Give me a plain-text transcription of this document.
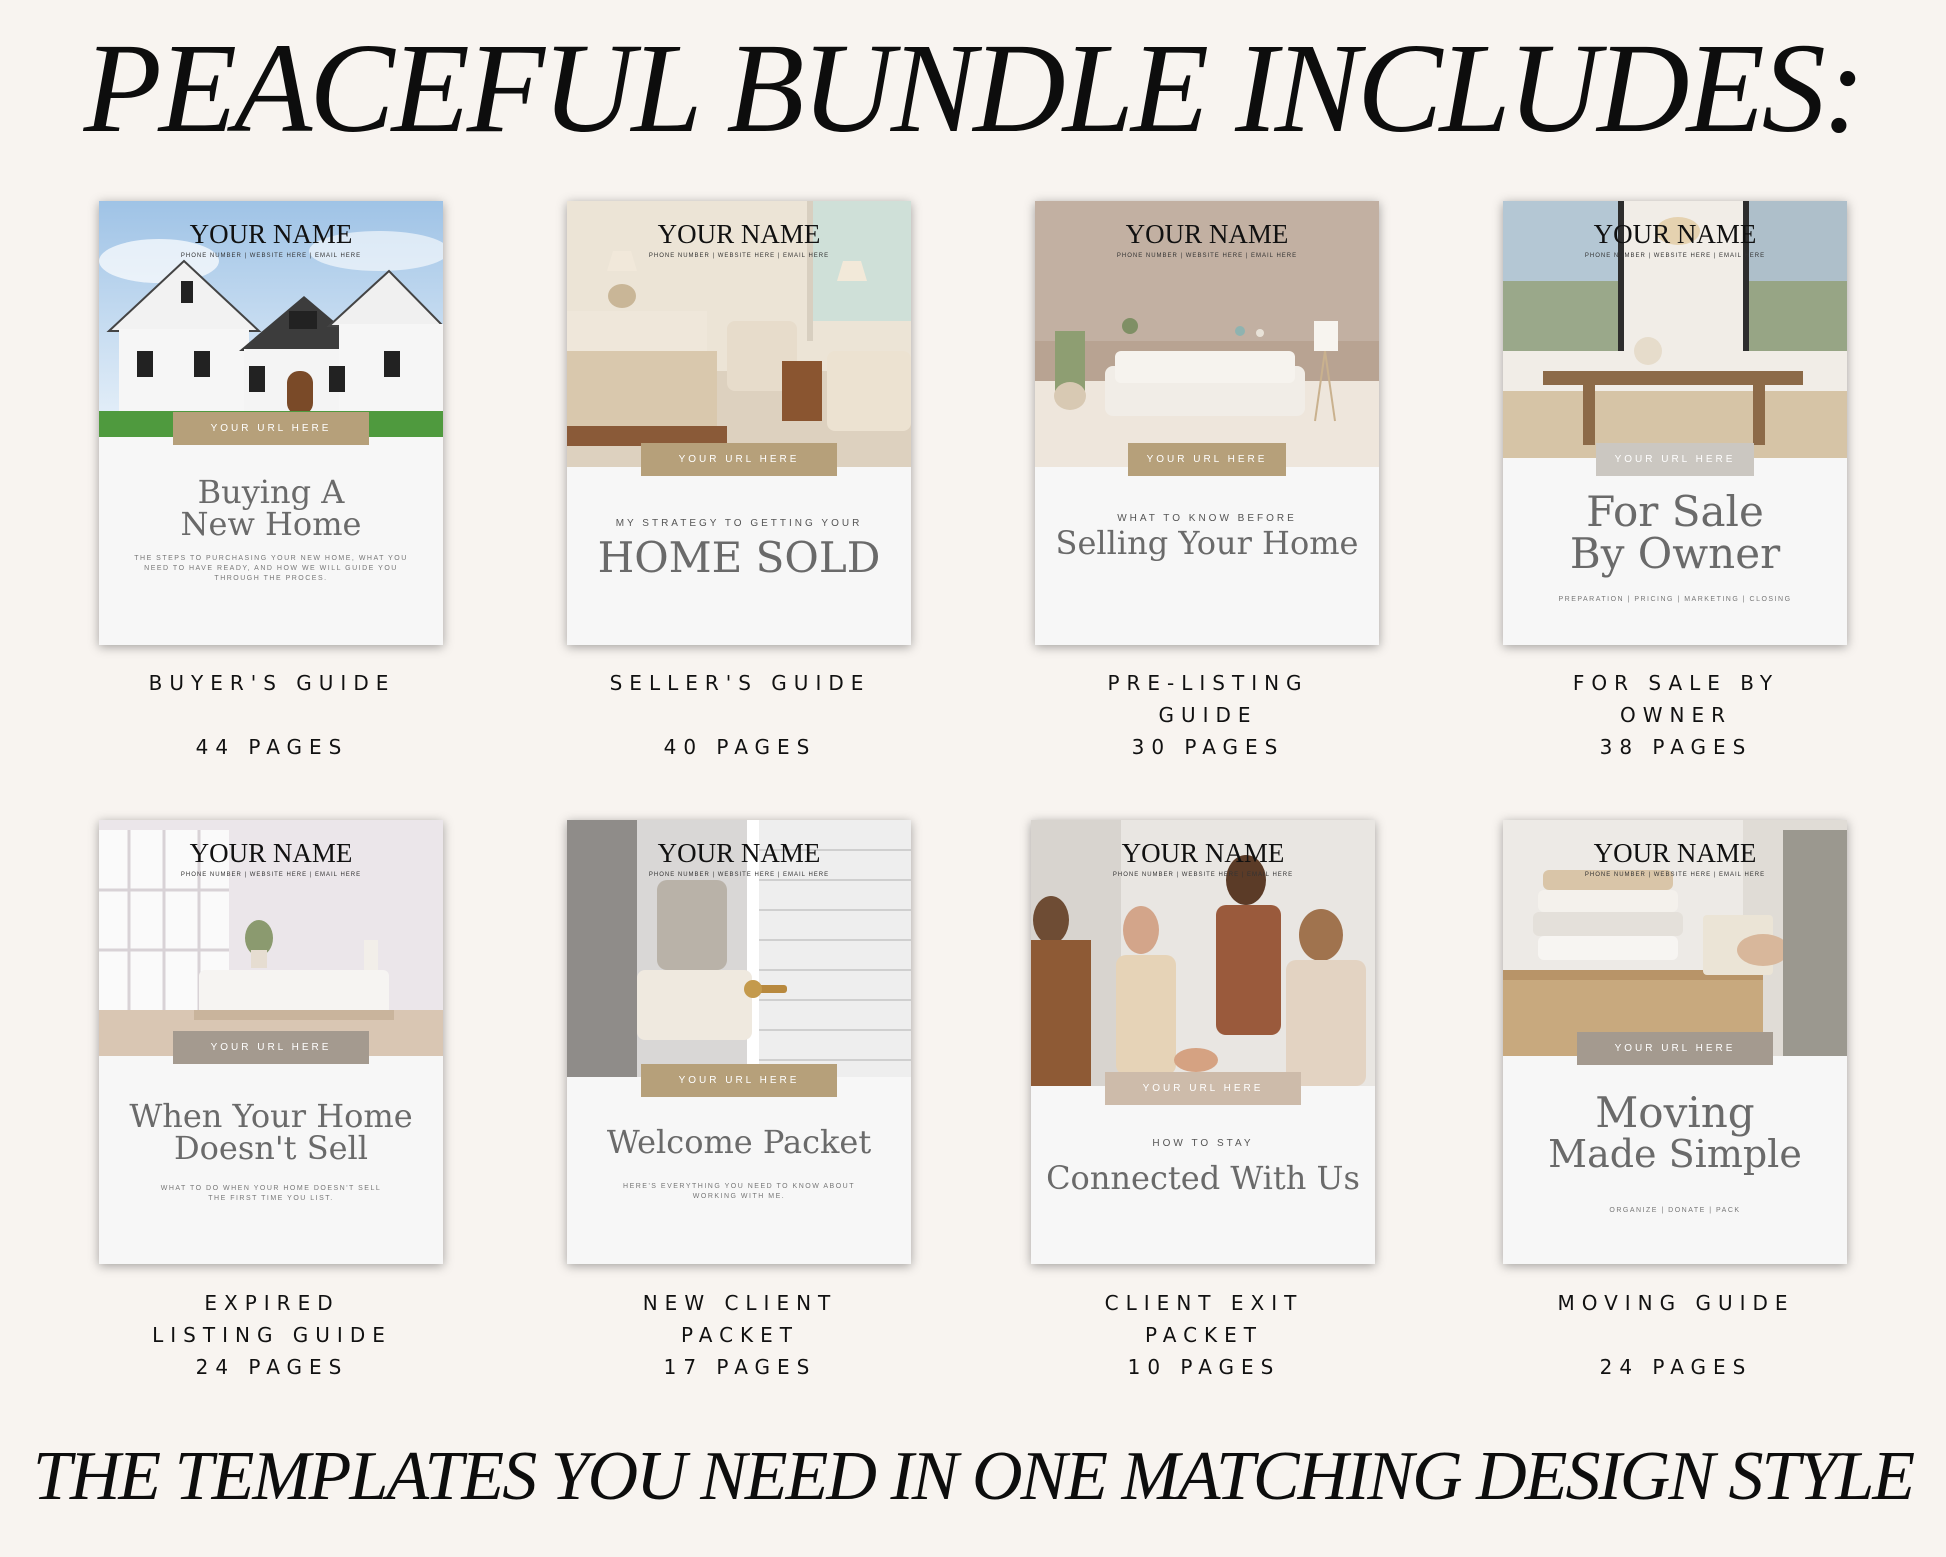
PEACEFUL BUNDLE INCLUDES:
YOUR NAME
PHONE NUMBER | WEBSITE HERE | EMAIL HERE
YOUR URL HERE
Buying A
New Home
THE STEPS TO PURCHASING YOUR NEW HOME, WHAT YOU
NEED TO HAVE READY, AND HOW WE WILL GUIDE YOU
THROUGH THE PROCES.
YOUR NAME
PHONE NUMBER | WEBSITE HERE | EMAIL HERE
YOUR URL HERE
MY STRATEGY TO GETTING YOUR
HOME SOLD
YOUR NAME
PHONE NUMBER | WEBSITE HERE | EMAIL HERE
YOUR URL HERE
WHAT TO KNOW BEFORE
Selling Your Home
YOUR NAME
PHONE NUMBER | WEBSITE HERE | EMAIL HERE
YOUR URL HERE
For Sale
By Owner
PREPARATION | PRICING | MARKETING | CLOSING
YOUR NAME
PHONE NUMBER | WEBSITE HERE | EMAIL HERE
YOUR URL HERE
When Your Home
Doesn't Sell
WHAT TO DO WHEN YOUR HOME DOESN'T SELL
THE FIRST TIME YOU LIST.
YOUR NAME
PHONE NUMBER | WEBSITE HERE | EMAIL HERE
YOUR URL HERE
Welcome Packet
HERE'S EVERYTHING YOU NEED TO KNOW ABOUT
WORKING WITH ME.
YOUR NAME
PHONE NUMBER | WEBSITE HERE | EMAIL HERE
YOUR URL HERE
HOW TO STAY
Connected With Us
YOUR NAME
PHONE NUMBER | WEBSITE HERE | EMAIL HERE
YOUR URL HERE
Moving
Made Simple
ORGANIZE | DONATE | PACK
BUYER'S GUIDE
44 PAGES
SELLER'S GUIDE
40 PAGES
PRE-LISTING
GUIDE
30 PAGES
FOR SALE BY
OWNER
38 PAGES
EXPIRED
LISTING GUIDE
24 PAGES
NEW CLIENT
PACKET
17 PAGES
CLIENT EXIT
PACKET
10 PAGES
MOVING GUIDE
24 PAGES
THE TEMPLATES YOU NEED IN ONE MATCHING DESIGN STYLE
